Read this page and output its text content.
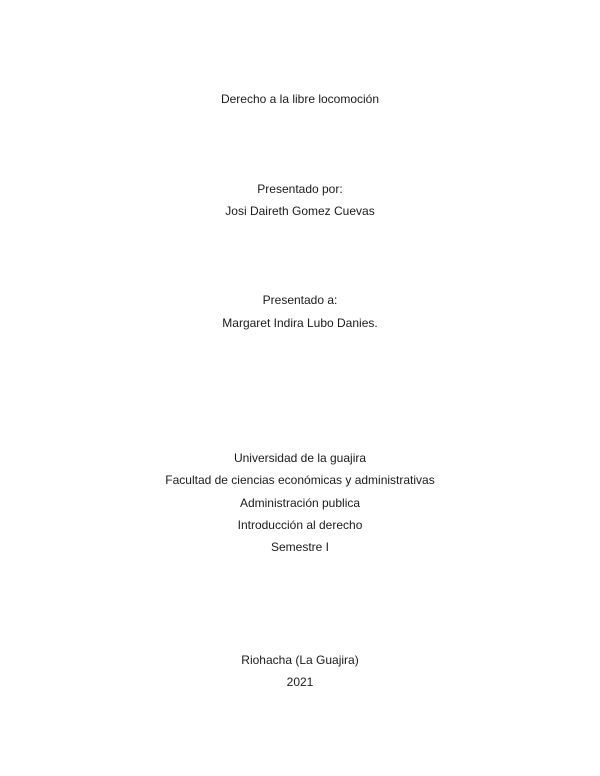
Derecho a la libre locomoción
Presentado por:
Josi Daireth Gomez Cuevas
Presentado a:
Margaret Indira Lubo Danies.
Universidad de la guajira
Facultad de ciencias económicas y administrativas
Administración publica
Introducción al derecho
Semestre I
Riohacha (La Guajira)
2021
